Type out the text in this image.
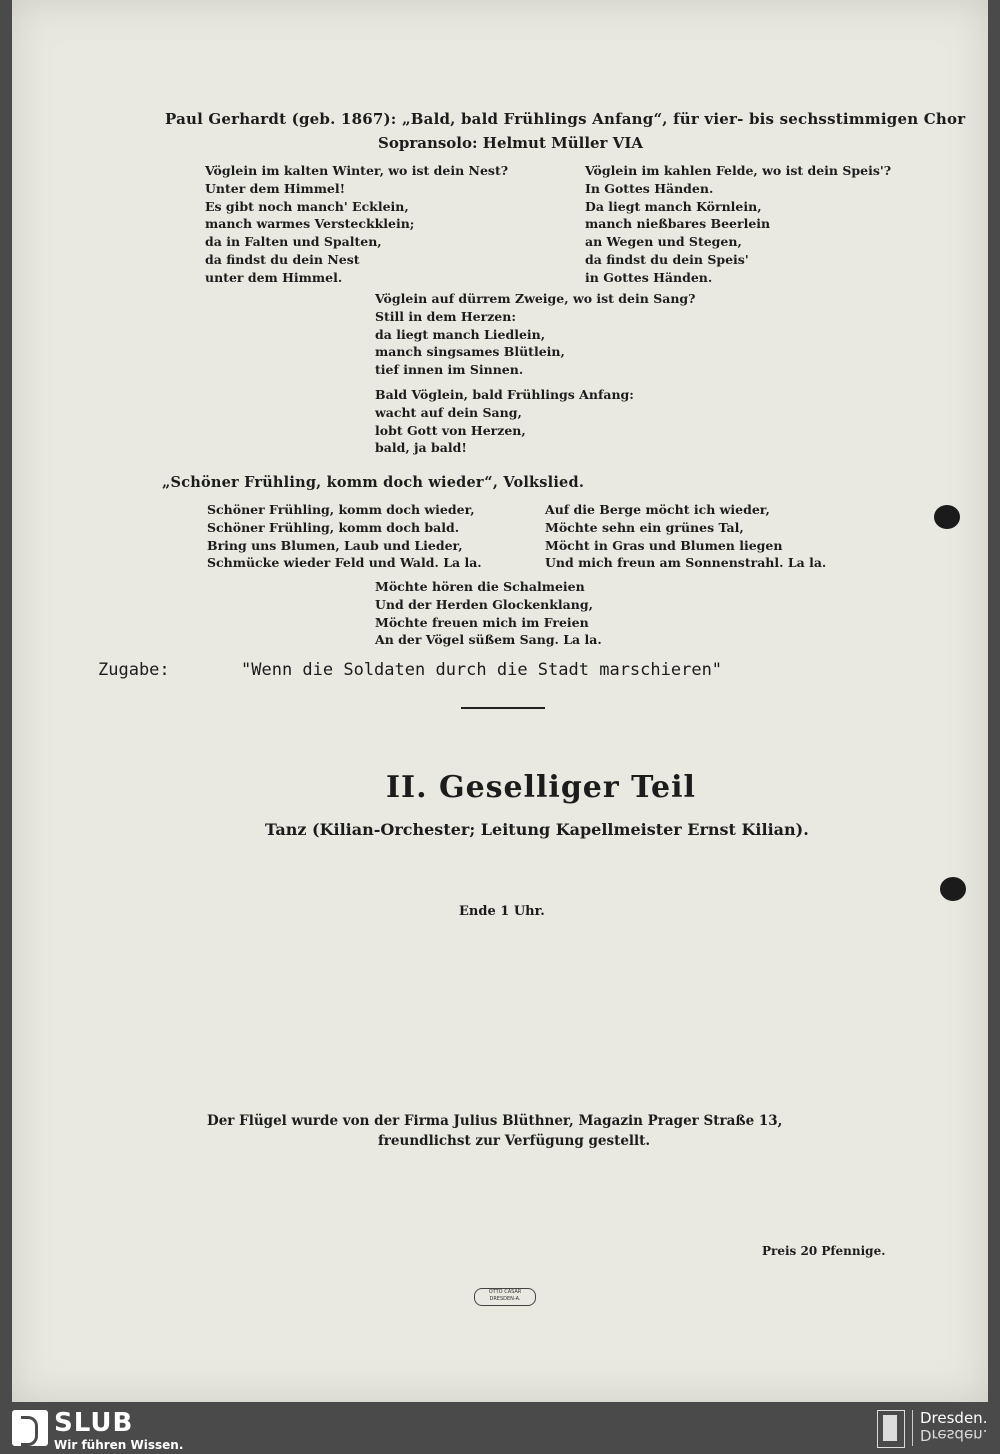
Paul Gerhardt (geb. 1867): „Bald, bald Frühlings Anfang“, für vier- bis sechsstimmigen Chor
Sopransolo: Helmut Müller VIA
Vöglein im kalten Winter, wo ist dein Nest?
Unter dem Himmel!
Es gibt noch manch' Ecklein,
manch warmes Versteckklein;
da in Falten und Spalten,
da findst du dein Nest
unter dem Himmel.
Vöglein im kahlen Felde, wo ist dein Speis'?
In Gottes Händen.
Da liegt manch Körnlein,
manch nießbares Beerlein
an Wegen und Stegen,
da findst du dein Speis'
in Gottes Händen.
Vöglein auf dürrem Zweige, wo ist dein Sang?
Still in dem Herzen:
da liegt manch Liedlein,
manch singsames Blütlein,
tief innen im Sinnen.
Bald Vöglein, bald Frühlings Anfang:
wacht auf dein Sang,
lobt Gott von Herzen,
bald, ja bald!
„Schöner Frühling, komm doch wieder“, Volkslied.
Schöner Frühling, komm doch wieder,
Schöner Frühling, komm doch bald.
Bring uns Blumen, Laub und Lieder,
Schmücke wieder Feld und Wald. La la.
Auf die Berge möcht ich wieder,
Möchte sehn ein grünes Tal,
Möcht in Gras und Blumen liegen
Und mich freun am Sonnenstrahl. La la.
Möchte hören die Schalmeien
Und der Herden Glockenklang,
Möchte freuen mich im Freien
An der Vögel süßem Sang. La la.
Zugabe:	"Wenn die Soldaten durch die Stadt marschieren"
II. Geselliger Teil
Tanz (Kilian-Orchester; Leitung Kapellmeister Ernst Kilian).
Ende 1 Uhr.
Der Flügel wurde von der Firma Julius Blüthner, Magazin Prager Straße 13,
freundlichst zur Verfügung gestellt.
Preis 20 Pfennige.
OTTO CÄSAR
DRESDEN-A.
SLUB
Wir führen Wissen.
Dresden.
Dresden.
